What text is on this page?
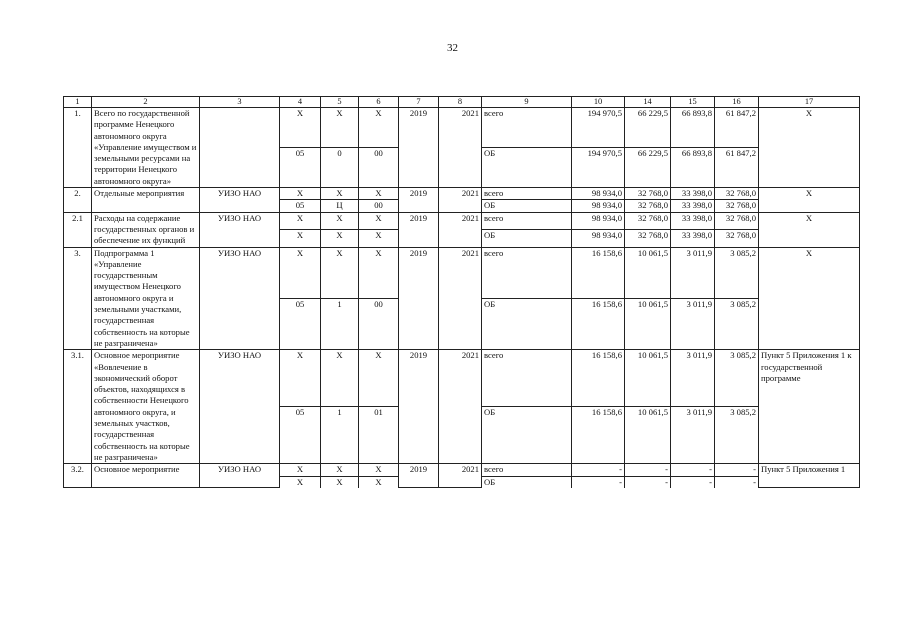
32
1	2	3	4	5	6	7	8	9	10	14	15	16	17
1.	Всего по государственной программе Ненецкого автономного округа «Управление имуществом и земельными ресурсами на территории Ненецкого автономного округа»		Х	Х	Х	2019	2021	всего	194 970,5	66 229,5	66 893,8	61 847,2	Х
			05	0	00			ОБ	194 970,5	66 229,5	66 893,8	61 847,2	
2.	Отдельные мероприятия	УИЗО НАО	Х	Х	Х	2019	2021	всего	98 934,0	32 768,0	33 398,0	32 768,0	Х
			05	Ц	00			ОБ	98 934,0	32 768,0	33 398,0	32 768,0	
2.1	Расходы на содержание государственных органов и обеспечение их функций	УИЗО НАО	Х	Х	Х	2019	2021	всего	98 934,0	32 768,0	33 398,0	32 768,0	Х
			Х	Х	Х			ОБ	98 934,0	32 768,0	33 398,0	32 768,0	
3.	Подпрограмма 1 «Управление государственным имуществом Ненецкого автономного округа и земельными участками, государственная собственность на которые не разграничена»	УИЗО НАО	Х	Х	Х	2019	2021	всего	16 158,6	10 061,5	3 011,9	3 085,2	Х
			05	1	00			ОБ	16 158,6	10 061,5	3 011,9	3 085,2	
3.1.	Основное мероприятие «Вовлечение в экономический оборот объектов, находящихся в собственности Ненецкого автономного округа, и земельных участков, государственная собственность на которые не разграничена»	УИЗО НАО	Х	Х	Х	2019	2021	всего	16 158,6	10 061,5	3 011,9	3 085,2	Пункт 5 Приложения 1 к государственной программе
			05	1	01			ОБ	16 158,6	10 061,5	3 011,9	3 085,2	
3.2.	Основное мероприятие	УИЗО НАО	Х	Х	Х	2019	2021	всего	-	-	-	-	Пункт 5 Приложения 1
			Х	Х	Х			ОБ	-	-	-	-	
